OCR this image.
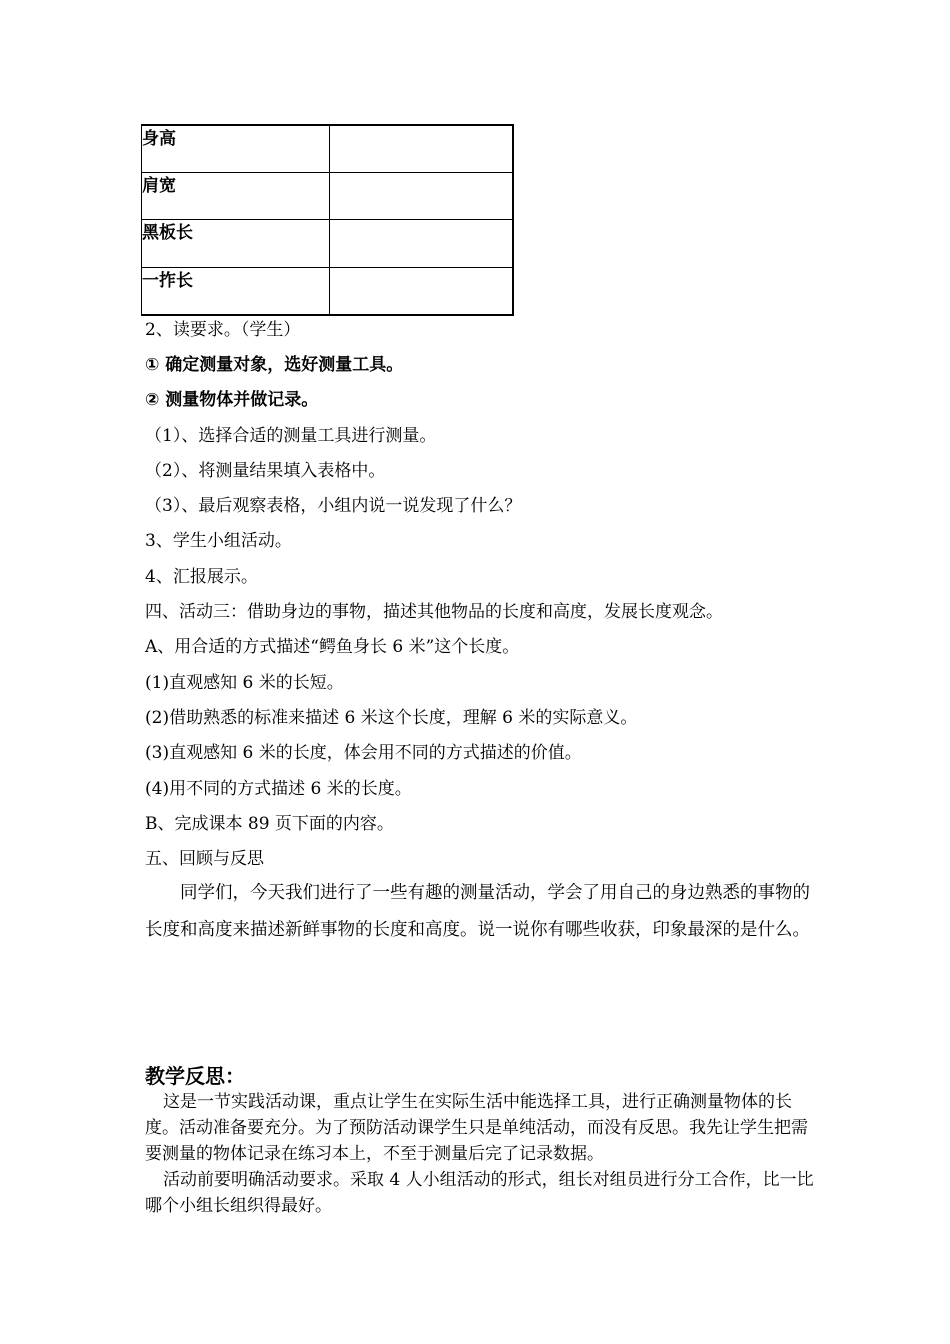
身高	
肩宽	
黑板长	
一拃长	
2、读要求。（学生）
① 确定测量对象，选好测量工具。
② 测量物体并做记录。
（1）、选择合适的测量工具进行测量。
（2）、将测量结果填入表格中。
（3）、最后观察表格，小组内说一说发现了什么？
3、学生小组活动。
4、汇报展示。
四、活动三：借助身边的事物，描述其他物品的长度和高度，发展长度观念。
A、用合适的方式描述“鳄鱼身长 6 米”这个长度。
(1)直观感知 6 米的长短。
(2)借助熟悉的标准来描述 6 米这个长度，理解 6 米的实际意义。
(3)直观感知 6 米的长度，体会用不同的方式描述的价值。
(4)用不同的方式描述 6 米的长度。
B、完成课本 89 页下面的内容。
五、回顾与反思
同学们，今天我们进行了一些有趣的测量活动，学会了用自己的身边熟悉的事物的长度和高度来描述新鲜事物的长度和高度。说一说你有哪些收获，印象最深的是什么。
教学反思：
这是一节实践活动课，重点让学生在实际生活中能选择工具，进行正确测量物体的长度。活动准备要充分。为了预防活动课学生只是单纯活动，而没有反思。我先让学生把需要测量的物体记录在练习本上，不至于测量后完了记录数据。
活动前要明确活动要求。采取 4 人小组活动的形式，组长对组员进行分工合作，比一比哪个小组长组织得最好。
